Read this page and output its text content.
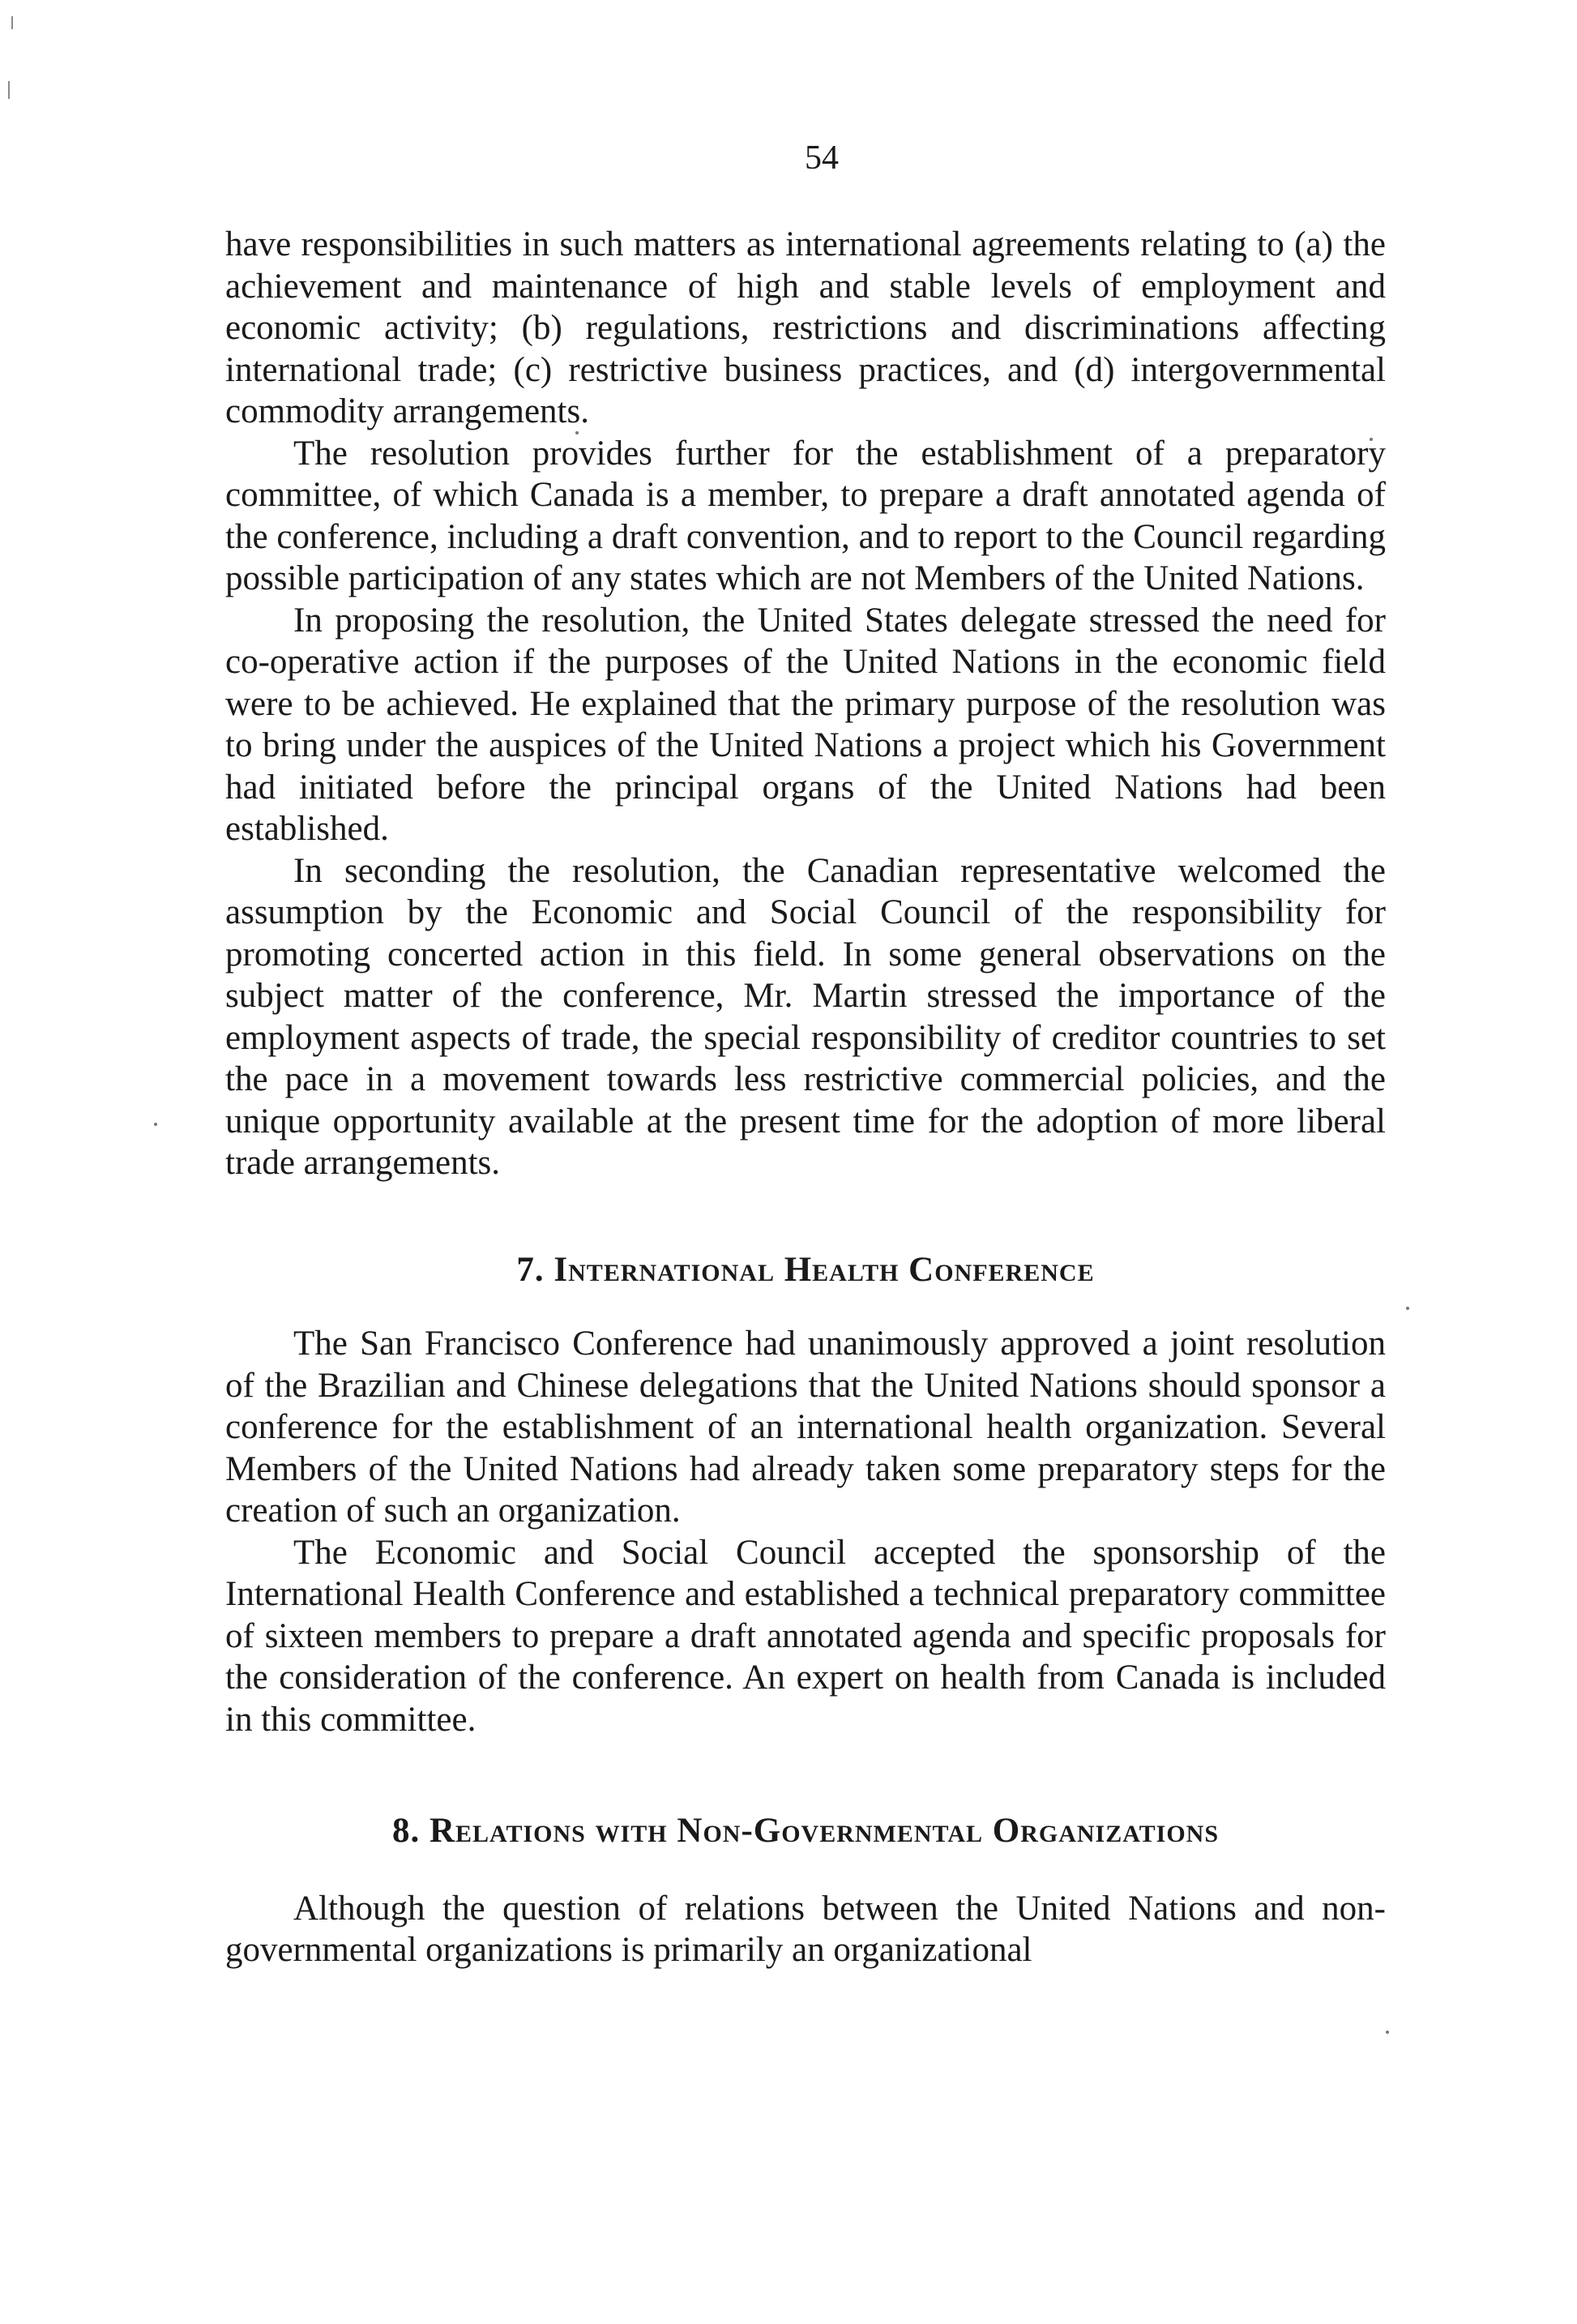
54

have responsibilities in such matters as international agreements relating to (a) the achievement and maintenance of high and stable levels of employment and economic activity; (b) regulations, restrictions and discriminations affecting international trade; (c) restrictive business practices, and (d) intergovernmental commodity arrangements.

The resolution provides further for the establishment of a preparatory committee, of which Canada is a member, to prepare a draft annotated agenda of the conference, including a draft convention, and to report to the Council regarding possible participation of any states which are not Members of the United Nations.

In proposing the resolution, the United States delegate stressed the need for co-operative action if the purposes of the United Nations in the economic field were to be achieved. He explained that the primary purpose of the resolution was to bring under the auspices of the United Nations a project which his Government had initiated before the principal organs of the United Nations had been established.

In seconding the resolution, the Canadian representative welcomed the assumption by the Economic and Social Council of the responsibility for promoting concerted action in this field. In some general observations on the subject matter of the conference, Mr. Martin stressed the importance of the employment aspects of trade, the special responsibility of creditor countries to set the pace in a movement towards less restrictive commercial policies, and the unique opportunity available at the present time for the adoption of more liberal trade arrangements.

7. International Health Conference

The San Francisco Conference had unanimously approved a joint resolution of the Brazilian and Chinese delegations that the United Nations should sponsor a conference for the establishment of an international health organization. Several Members of the United Nations had already taken some preparatory steps for the creation of such an organization.

The Economic and Social Council accepted the sponsorship of the International Health Conference and established a technical preparatory committee of sixteen members to prepare a draft annotated agenda and specific proposals for the consideration of the conference. An expert on health from Canada is included in this committee.

8. Relations with Non-Governmental Organizations

Although the question of relations between the United Nations and non-governmental organizations is primarily an organizational
